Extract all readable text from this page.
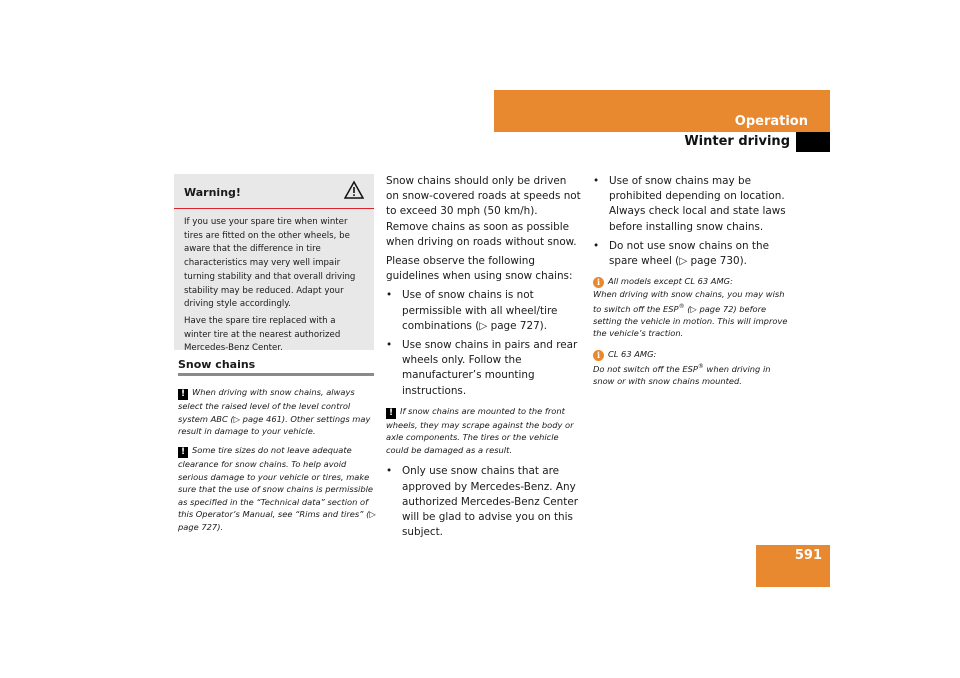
Operation
Winter driving
Warning!

If you use your spare tire when winter tires are fitted on the other wheels, be aware that the difference in tire characteristics may very well impair turning stability and that overall driving stability may be reduced. Adapt your driving style accordingly.

Have the spare tire replaced with a winter tire at the nearest authorized Mercedes-Benz Center.

Snow chains
! When driving with snow chains, always select the raised level of the level control system ABC (▷ page 461). Other settings may result in damage to your vehicle.
! Some tire sizes do not leave adequate clearance for snow chains. To help avoid serious damage to your vehicle or tires, make sure that the use of snow chains is permissible as specified in the “Technical data” section of this Operator’s Manual, see “Rims and tires” (▷ page 727).

Snow chains should only be driven on snow-covered roads at speeds not to exceed 30 mph (50 km/h). Remove chains as soon as possible when driving on roads without snow.

Please observe the following guidelines when using snow chains:

• Use of snow chains is not permissible with all wheel/tire combinations (▷ page 727).
• Use snow chains in pairs and rear wheels only. Follow the manufacturer’s mounting instructions.
! If snow chains are mounted to the front wheels, they may scrape against the body or axle components. The tires or the vehicle could be damaged as a result.
• Only use snow chains that are approved by Mercedes-Benz. Any authorized Mercedes-Benz Center will be glad to advise you on this subject.
• Use of snow chains may be prohibited depending on location. Always check local and state laws before installing snow chains.
• Do not use snow chains on the spare wheel (▷ page 730).
i All models except CL 63 AMG:
When driving with snow chains, you may wish to switch off the ESP® (▷ page 72) before setting the vehicle in motion. This will improve the vehicle’s traction.
i CL 63 AMG:
Do not switch off the ESP® when driving in snow or with snow chains mounted.
591
